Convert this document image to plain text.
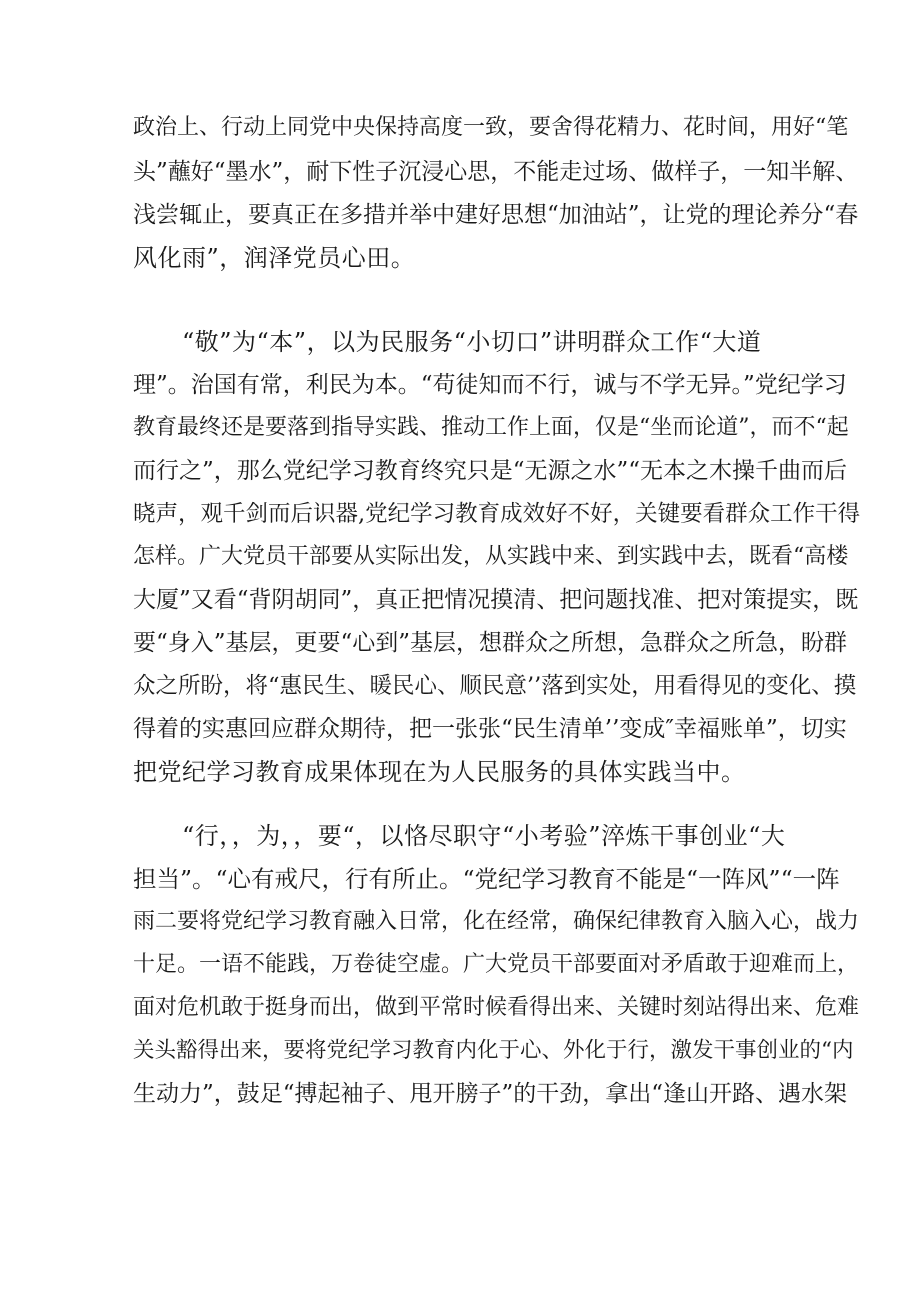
政治上、行动上同党中央保持高度一致，要舍得花精力、花时间，用好“笔
头”蘸好“墨水”，耐下性子沉浸心思，不能走过场、做样子，一知半解、
浅尝辄止，要真正在多措并举中建好思想“加油站”，让党的理论养分“春
风化雨”，润泽党员心田。
“敬”为“本”，以为民服务“小切口”讲明群众工作“大道
理”。治国有常，利民为本。“苟徒知而不行，诚与不学无异。”党纪学习
教育最终还是要落到指导实践、推动工作上面，仅是“坐而论道”，而不“起
而行之”，那么党纪学习教育终究只是“无源之水”“无本之木操千曲而后
晓声，观千剑而后识器,党纪学习教育成效好不好，关键要看群众工作干得
怎样。广大党员干部要从实际出发，从实践中来、到实践中去，既看“高楼
大厦”又看“背阴胡同”，真正把情况摸清、把问题找准、把对策提实，既
要“身入”基层，更要“心到”基层，想群众之所想，急群众之所急，盼群
众之所盼，将“惠民生、暖民心、顺民意’’落到实处，用看得见的变化、摸
得着的实惠回应群众期待，把一张张“民生清单’’变成″幸福账单”，切实
把党纪学习教育成果体现在为人民服务的具体实践当中。
“行，，为，，要“，以恪尽职守“小考验”淬炼干事创业“大
担当”。“心有戒尺，行有所止。“党纪学习教育不能是“一阵风”“一阵
雨二要将党纪学习教育融入日常，化在经常，确保纪律教育入脑入心，战力
十足。一语不能践，万卷徒空虚。广大党员干部要面对矛盾敢于迎难而上，
面对危机敢于挺身而出，做到平常时候看得出来、关键时刻站得出来、危难
关头豁得出来，要将党纪学习教育内化于心、外化于行，激发干事创业的“内
生动力”，鼓足“搏起袖子、甩开膀子”的干劲，拿出“逢山开路、遇水架
